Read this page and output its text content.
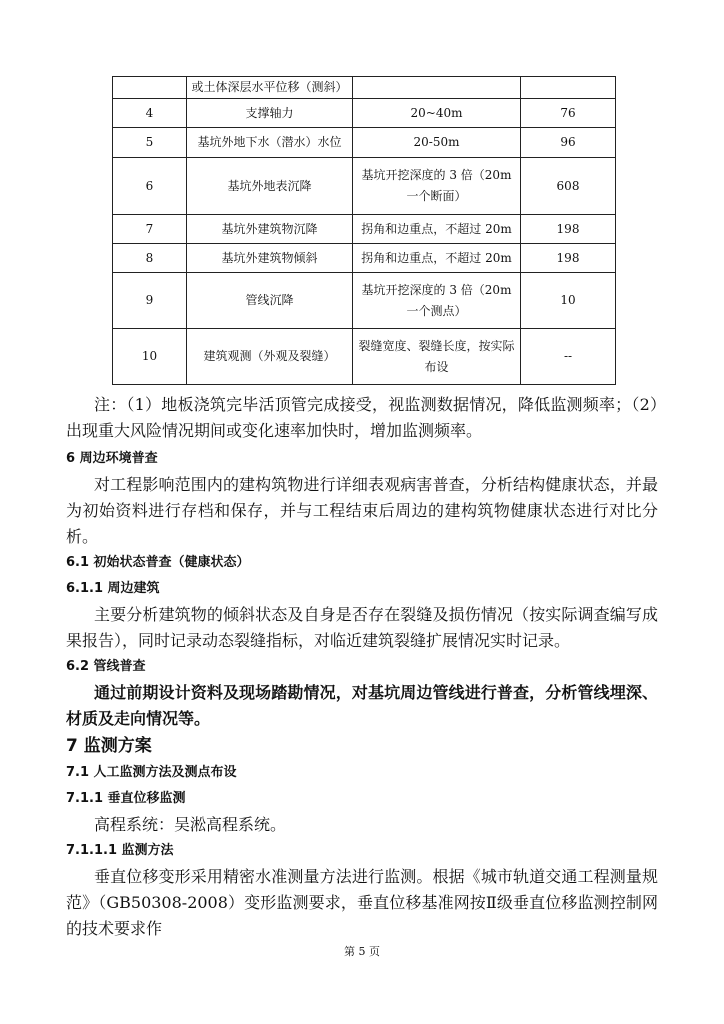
	或土体深层水平位移（测斜）		
4	支撑轴力	20~40m	76
5	基坑外地下水（潜水）水位	20-50m	96
6	基坑外地表沉降	基坑开挖深度的 3 倍（20m 一个断面）	608
7	基坑外建筑物沉降	拐角和边重点，不超过 20m	198
8	基坑外建筑物倾斜	拐角和边重点，不超过 20m	198
9	管线沉降	基坑开挖深度的 3 倍（20m 一个测点）	10
10	建筑观测（外观及裂缝）	裂缝宽度、裂缝长度，按实际布设	--

注：（1）地板浇筑完毕活顶管完成接受，视监测数据情况，降低监测频率；（2）出现重大风险情况期间或变化速率加快时，增加监测频率。

6 周边环境普查

对工程影响范围内的建构筑物进行详细表观病害普查，分析结构健康状态，并最为初始资料进行存档和保存，并与工程结束后周边的建构筑物健康状态进行对比分析。

6.1 初始状态普查（健康状态）
6.1.1 周边建筑

主要分析建筑物的倾斜状态及自身是否存在裂缝及损伤情况（按实际调查编写成果报告），同时记录动态裂缝指标，对临近建筑裂缝扩展情况实时记录。

6.2 管线普查

通过前期设计资料及现场踏勘情况，对基坑周边管线进行普查，分析管线埋深、材质及走向情况等。

7 监测方案
7.1 人工监测方法及测点布设
7.1.1 垂直位移监测

高程系统：吴淞高程系统。

7.1.1.1 监测方法

垂直位移变形采用精密水准测量方法进行监测。根据《城市轨道交通工程测量规范》（GB50308-2008）变形监测要求，垂直位移基准网按Ⅱ级垂直位移监测控制网的技术要求作

第 5 页
